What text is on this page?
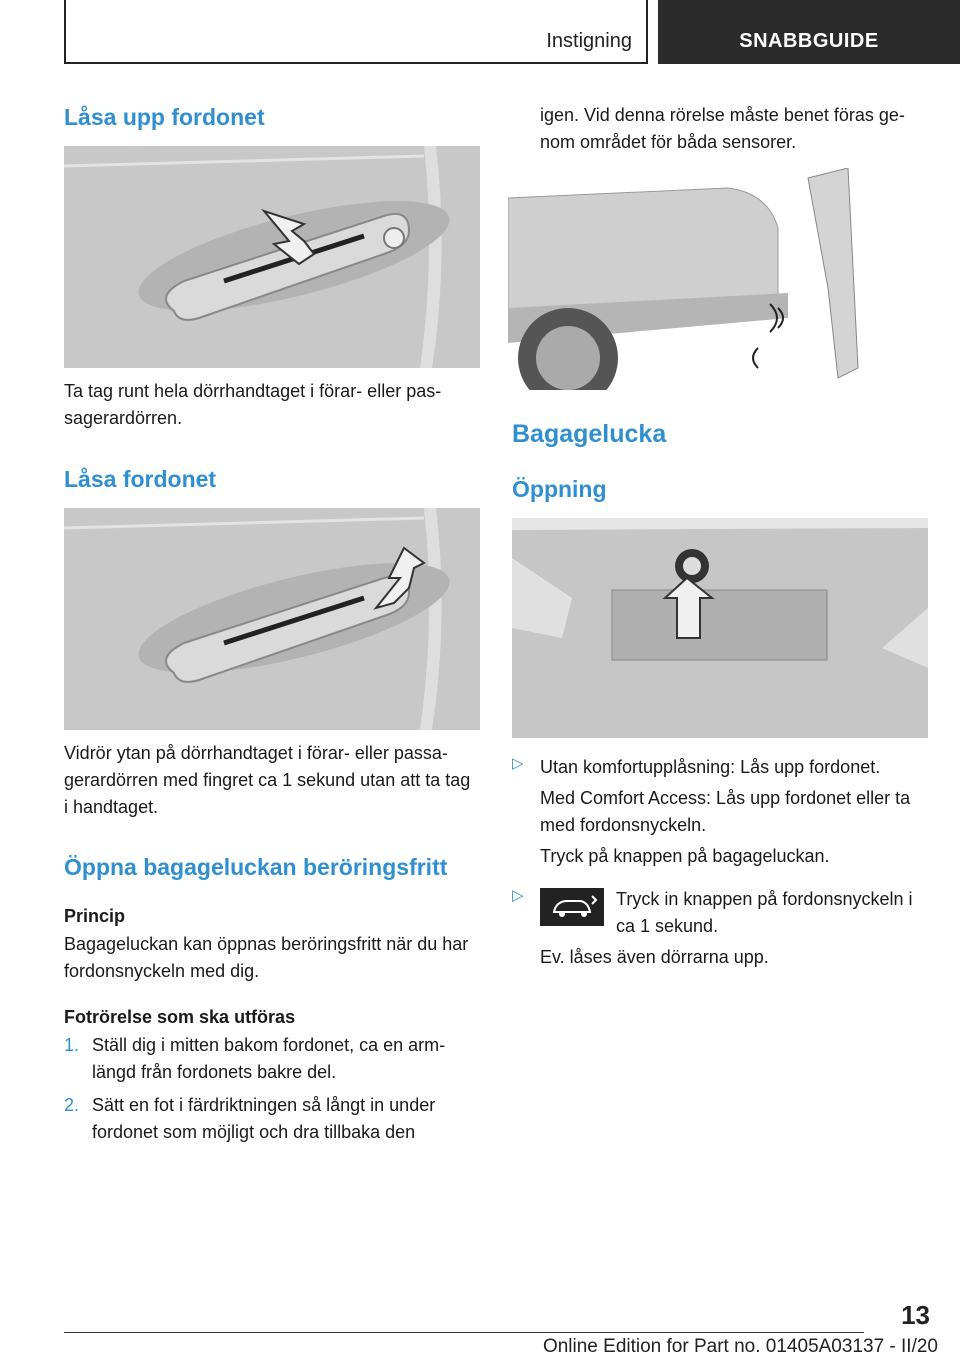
Instigning	SNABBGUIDE
Låsa upp fordonet

Ta tag runt hela dörrhandtaget i förar- eller pas-sagerardörren.

Låsa fordonet

Vidrör ytan på dörrhandtaget i förar- eller passa-gerardörren med fingret ca 1 sekund utan att ta tag i handtaget.

Öppna bagageluckan beröringsfritt

Princip

Bagageluckan kan öppnas beröringsfritt när du har fordonsnyckeln med dig.

Fotrörelse som ska utföras

1. Ställ dig i mitten bakom fordonet, ca en arm-längd från fordonets bakre del.

2. Sätt en fot i färdriktningen så långt in under fordonet som möjligt och dra tillbaka den

igen. Vid denna rörelse måste benet föras ge-nom området för båda sensorer.

Bagagelucka
Öppning
▷ Utan komfortupplåsning: Lås upp fordonet.

Med Comfort Access: Lås upp fordonet eller ta med fordonsnyckeln.

Tryck på knappen på bagageluckan.

▷	Tryck in knappen på fordonsnyckeln i ca 1 sekund.

Ev. låses även dörrarna upp.

13
Online Edition for Part no. 01405A03137 - II/20
